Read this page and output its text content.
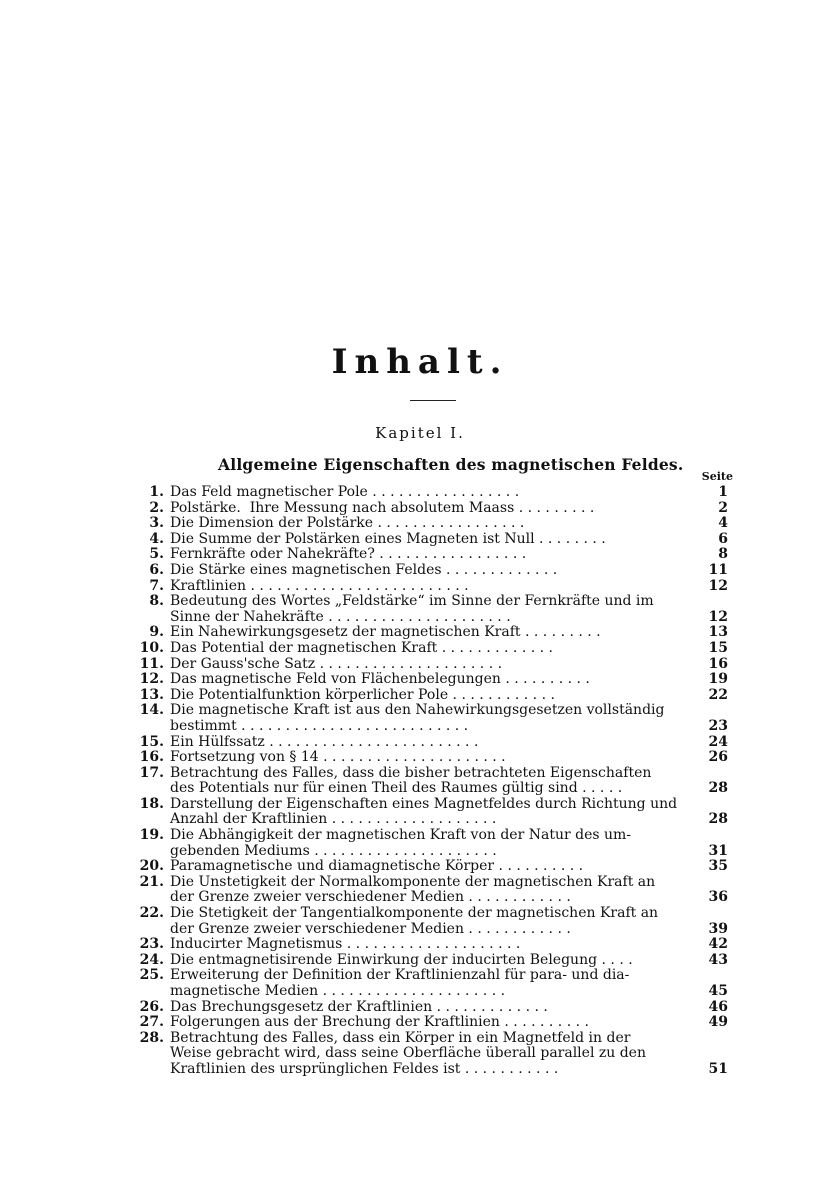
Inhalt.
Kapitel I.
Allgemeine Eigenschaften des magnetischen Feldes.
Seite
1. Das Feld magnetischer Pole . . . . . . . . . . . . . . . . .	1
2. Polstärke.  Ihre Messung nach absolutem Maass . . . . . . . . .	2
3. Die Dimension der Polstärke . . . . . . . . . . . . . . . . .	4
4. Die Summe der Polstärken eines Magneten ist Null . . . . . . . .	6
5. Fernkräfte oder Nahekräfte? . . . . . . . . . . . . . . . . .	8
6. Die Stärke eines magnetischen Feldes . . . . . . . . . . . . .	11
7. Kraftlinien . . . . . . . . . . . . . . . . . . . . . . . . .	12
8. Bedeutung des Wortes „Feldstärke“ im Sinne der Fernkräfte und im
Sinne der Nahekräfte . . . . . . . . . . . . . . . . . . . . .	12
9. Ein Nahewirkungsgesetz der magnetischen Kraft . . . . . . . . .	13
10. Das Potential der magnetischen Kraft . . . . . . . . . . . . .	15
11. Der Gauss'sche Satz . . . . . . . . . . . . . . . . . . . . .	16
12. Das magnetische Feld von Flächenbelegungen . . . . . . . . . .	19
13. Die Potentialfunktion körperlicher Pole . . . . . . . . . . . .	22
14. Die magnetische Kraft ist aus den Nahewirkungsgesetzen vollständig
bestimmt . . . . . . . . . . . . . . . . . . . . . . . . . .	23
15. Ein Hülfssatz . . . . . . . . . . . . . . . . . . . . . . . .	24
16. Fortsetzung von § 14 . . . . . . . . . . . . . . . . . . . . .	26
17. Betrachtung des Falles, dass die bisher betrachteten Eigenschaften
des Potentials nur für einen Theil des Raumes gültig sind . . . . .	28
18. Darstellung der Eigenschaften eines Magnetfeldes durch Richtung und
Anzahl der Kraftlinien . . . . . . . . . . . . . . . . . . .	28
19. Die Abhängigkeit der magnetischen Kraft von der Natur des um-
gebenden Mediums . . . . . . . . . . . . . . . . . . . . .	31
20. Paramagnetische und diamagnetische Körper . . . . . . . . . .	35
21. Die Unstetigkeit der Normalkomponente der magnetischen Kraft an
der Grenze zweier verschiedener Medien . . . . . . . . . . . .	36
22. Die Stetigkeit der Tangentialkomponente der magnetischen Kraft an
der Grenze zweier verschiedener Medien . . . . . . . . . . . .	39
23. Inducirter Magnetismus . . . . . . . . . . . . . . . . . . . .	42
24. Die entmagnetisirende Einwirkung der inducirten Belegung . . . .	43
25. Erweiterung der Definition der Kraftlinienzahl für para- und dia-
magnetische Medien . . . . . . . . . . . . . . . . . . . . .	45
26. Das Brechungsgesetz der Kraftlinien . . . . . . . . . . . . .	46
27. Folgerungen aus der Brechung der Kraftlinien . . . . . . . . . .	49
28. Betrachtung des Falles, dass ein Körper in ein Magnetfeld in der
Weise gebracht wird, dass seine Oberfläche überall parallel zu den
Kraftlinien des ursprünglichen Feldes ist . . . . . . . . . . .	51
